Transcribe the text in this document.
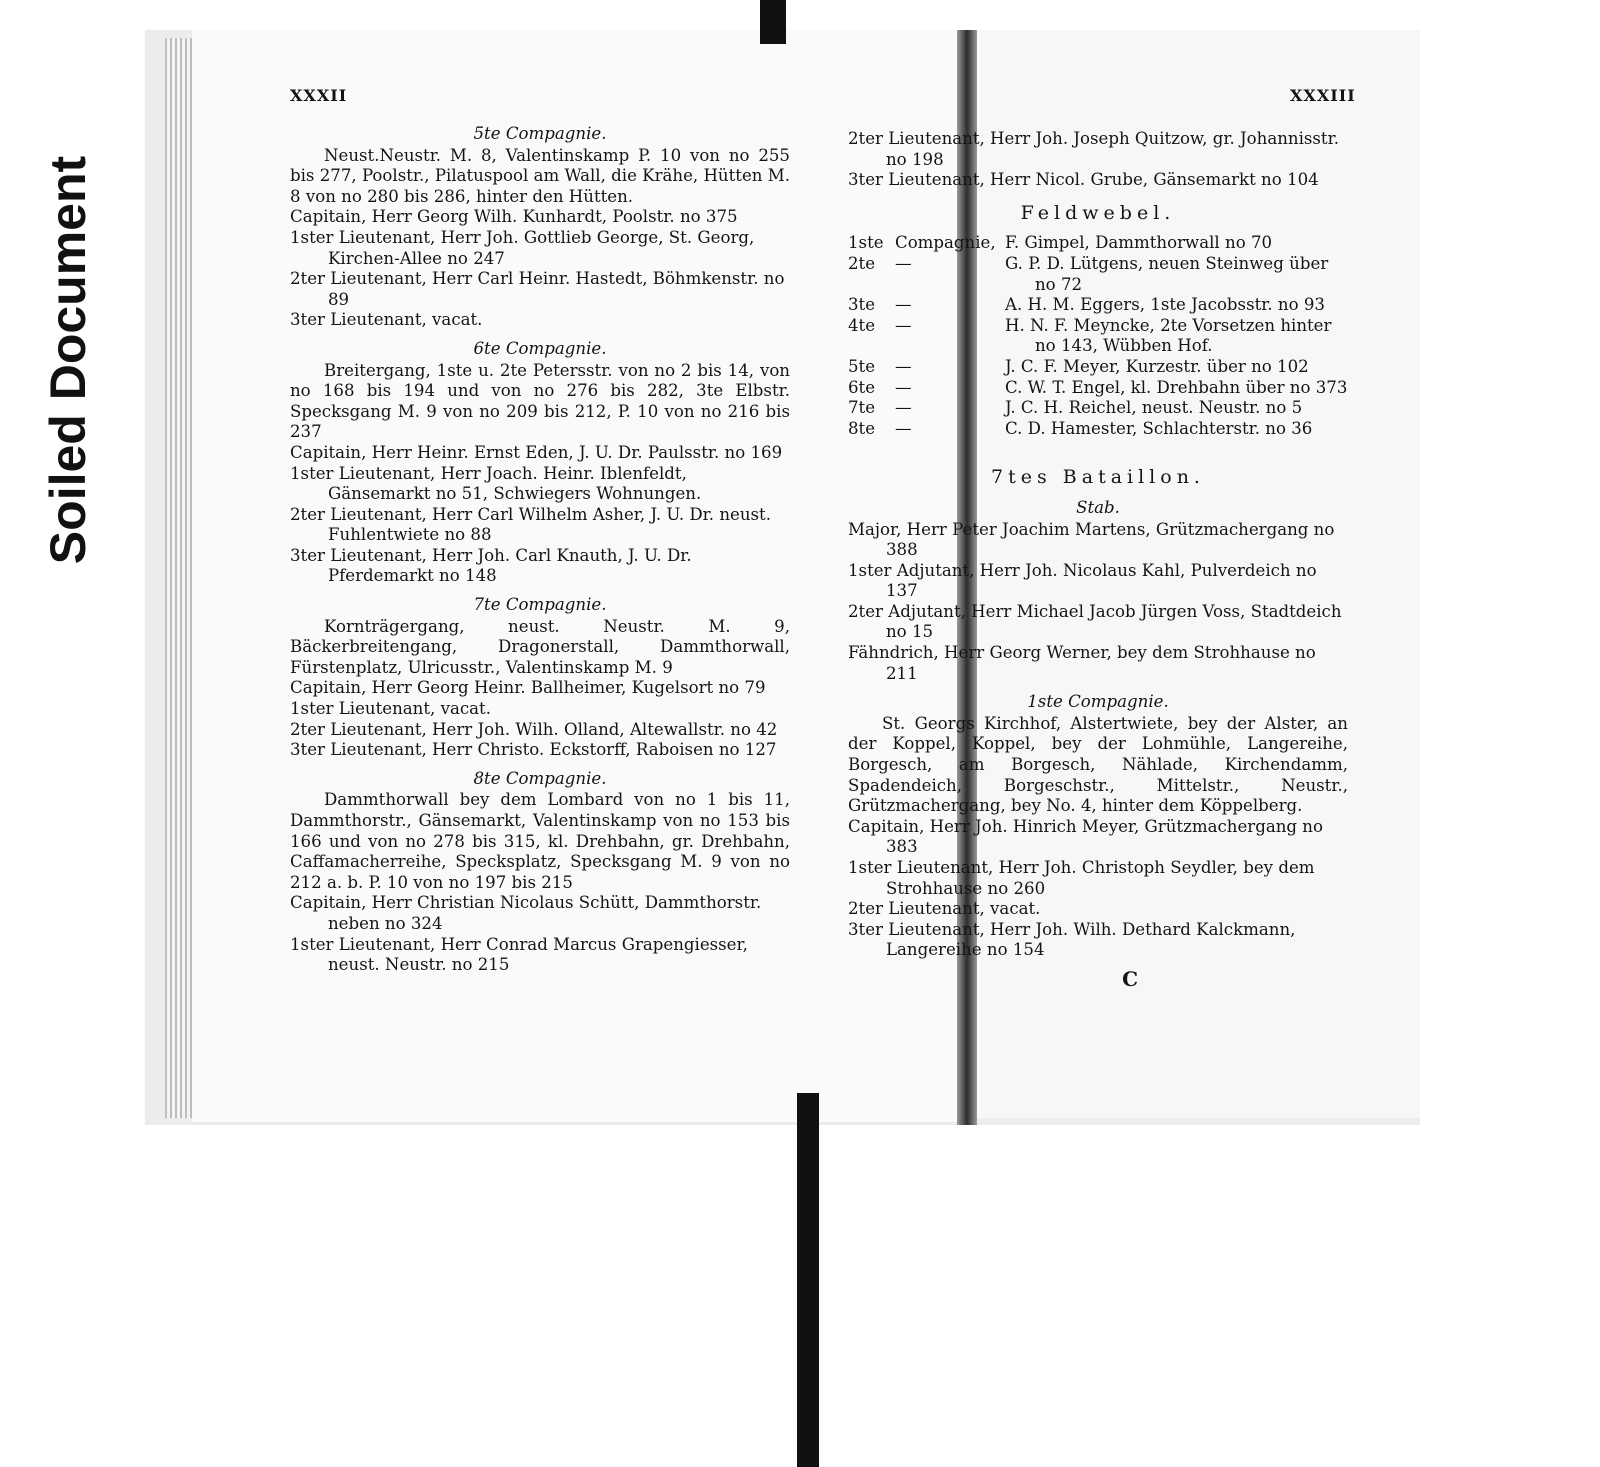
Soiled Document
XXXII	XXXIII
5te Compagnie.

Neust.Neustr. M. 8, Valentinskamp P. 10 von no 255 bis 277, Poolstr., Pilatuspool am Wall, die Krähe, Hütten M. 8 von no 280 bis 286, hinter den Hütten.

Capitain, Herr Georg Wilh. Kunhardt, Poolstr. no 375

1ster Lieutenant, Herr Joh. Gottlieb George, St. Georg, Kirchen-Allee no 247

2ter Lieutenant, Herr Carl Heinr. Hastedt, Böhmkenstr. no 89

3ter Lieutenant, vacat.

6te Compagnie.

Breitergang, 1ste u. 2te Petersstr. von no 2 bis 14, von no 168 bis 194 und von no 276 bis 282, 3te Elbstr. Specksgang M. 9 von no 209 bis 212, P. 10 von no 216 bis 237

Capitain, Herr Heinr. Ernst Eden, J. U. Dr. Paulsstr. no 169

1ster Lieutenant, Herr Joach. Heinr. Iblenfeldt, Gänsemarkt no 51, Schwiegers Wohnungen.

2ter Lieutenant, Herr Carl Wilhelm Asher, J. U. Dr. neust. Fuhlentwiete no 88

3ter Lieutenant, Herr Joh. Carl Knauth, J. U. Dr. Pferdemarkt no 148

7te Compagnie.

Kornträgergang, neust. Neustr. M. 9, Bäckerbreitengang, Dragonerstall, Dammthorwall, Fürstenplatz, Ulricusstr., Valentinskamp M. 9

Capitain, Herr Georg Heinr. Ballheimer, Kugelsort no 79

1ster Lieutenant, vacat.

2ter Lieutenant, Herr Joh. Wilh. Olland, Altewallstr. no 42

3ter Lieutenant, Herr Christo. Eckstorff, Raboisen no 127

8te Compagnie.

Dammthorwall bey dem Lombard von no 1 bis 11, Dammthorstr., Gänsemarkt, Valentinskamp von no 153 bis 166 und von no 278 bis 315, kl. Drehbahn, gr. Drehbahn, Caffamacherreihe, Specksplatz, Specksgang M. 9 von no 212 a. b. P. 10 von no 197 bis 215

Capitain, Herr Christian Nicolaus Schütt, Dammthorstr. neben no 324

1ster Lieutenant, Herr Conrad Marcus Grapengiesser, neust. Neustr. no 215

2ter Lieutenant, Herr Joh. Joseph Quitzow, gr. Johannisstr. no 198

3ter Lieutenant, Herr Nicol. Grube, Gänsemarkt no 104

Feldwebel.
1ste Compagnie, F. Gimpel, Dammthorwall no 70
2te	—	G. P. D. Lütgens, neuen Steinweg über no 72
3te	—	A. H. M. Eggers, 1ste Jacobsstr. no 93
4te	—	H. N. F. Meyncke, 2te Vorsetzen hinter no 143, Wübben Hof.
5te	—	J. C. F. Meyer, Kurzestr. über no 102
6te	—	C. W. T. Engel, kl. Drehbahn über no 373
7te	—	J. C. H. Reichel, neust. Neustr. no 5
8te	—	C. D. Hamester, Schlachterstr. no 36
7tes Bataillon.
Stab.

Major, Herr Peter Joachim Martens, Grützmachergang no 388

1ster Adjutant, Herr Joh. Nicolaus Kahl, Pulverdeich no 137

2ter Adjutant, Herr Michael Jacob Jürgen Voss, Stadtdeich no 15

Fähndrich, Herr Georg Werner, bey dem Strohhause no 211

1ste Compagnie.

St. Georgs Kirchhof, Alstertwiete, bey der Alster, an der Koppel, Koppel, bey der Lohmühle, Langereihe, Borgesch, am Borgesch, Nählade, Kirchendamm, Spadendeich, Borgeschstr., Mittelstr., Neustr., Grützmachergang, bey No. 4, hinter dem Köppelberg.

Capitain, Herr Joh. Hinrich Meyer, Grützmachergang no 383

1ster Lieutenant, Herr Joh. Christoph Seydler, bey dem Strohhause no 260

2ter Lieutenant, vacat.

3ter Lieutenant, Herr Joh. Wilh. Dethard Kalckmann, Langereihe no 154

C
